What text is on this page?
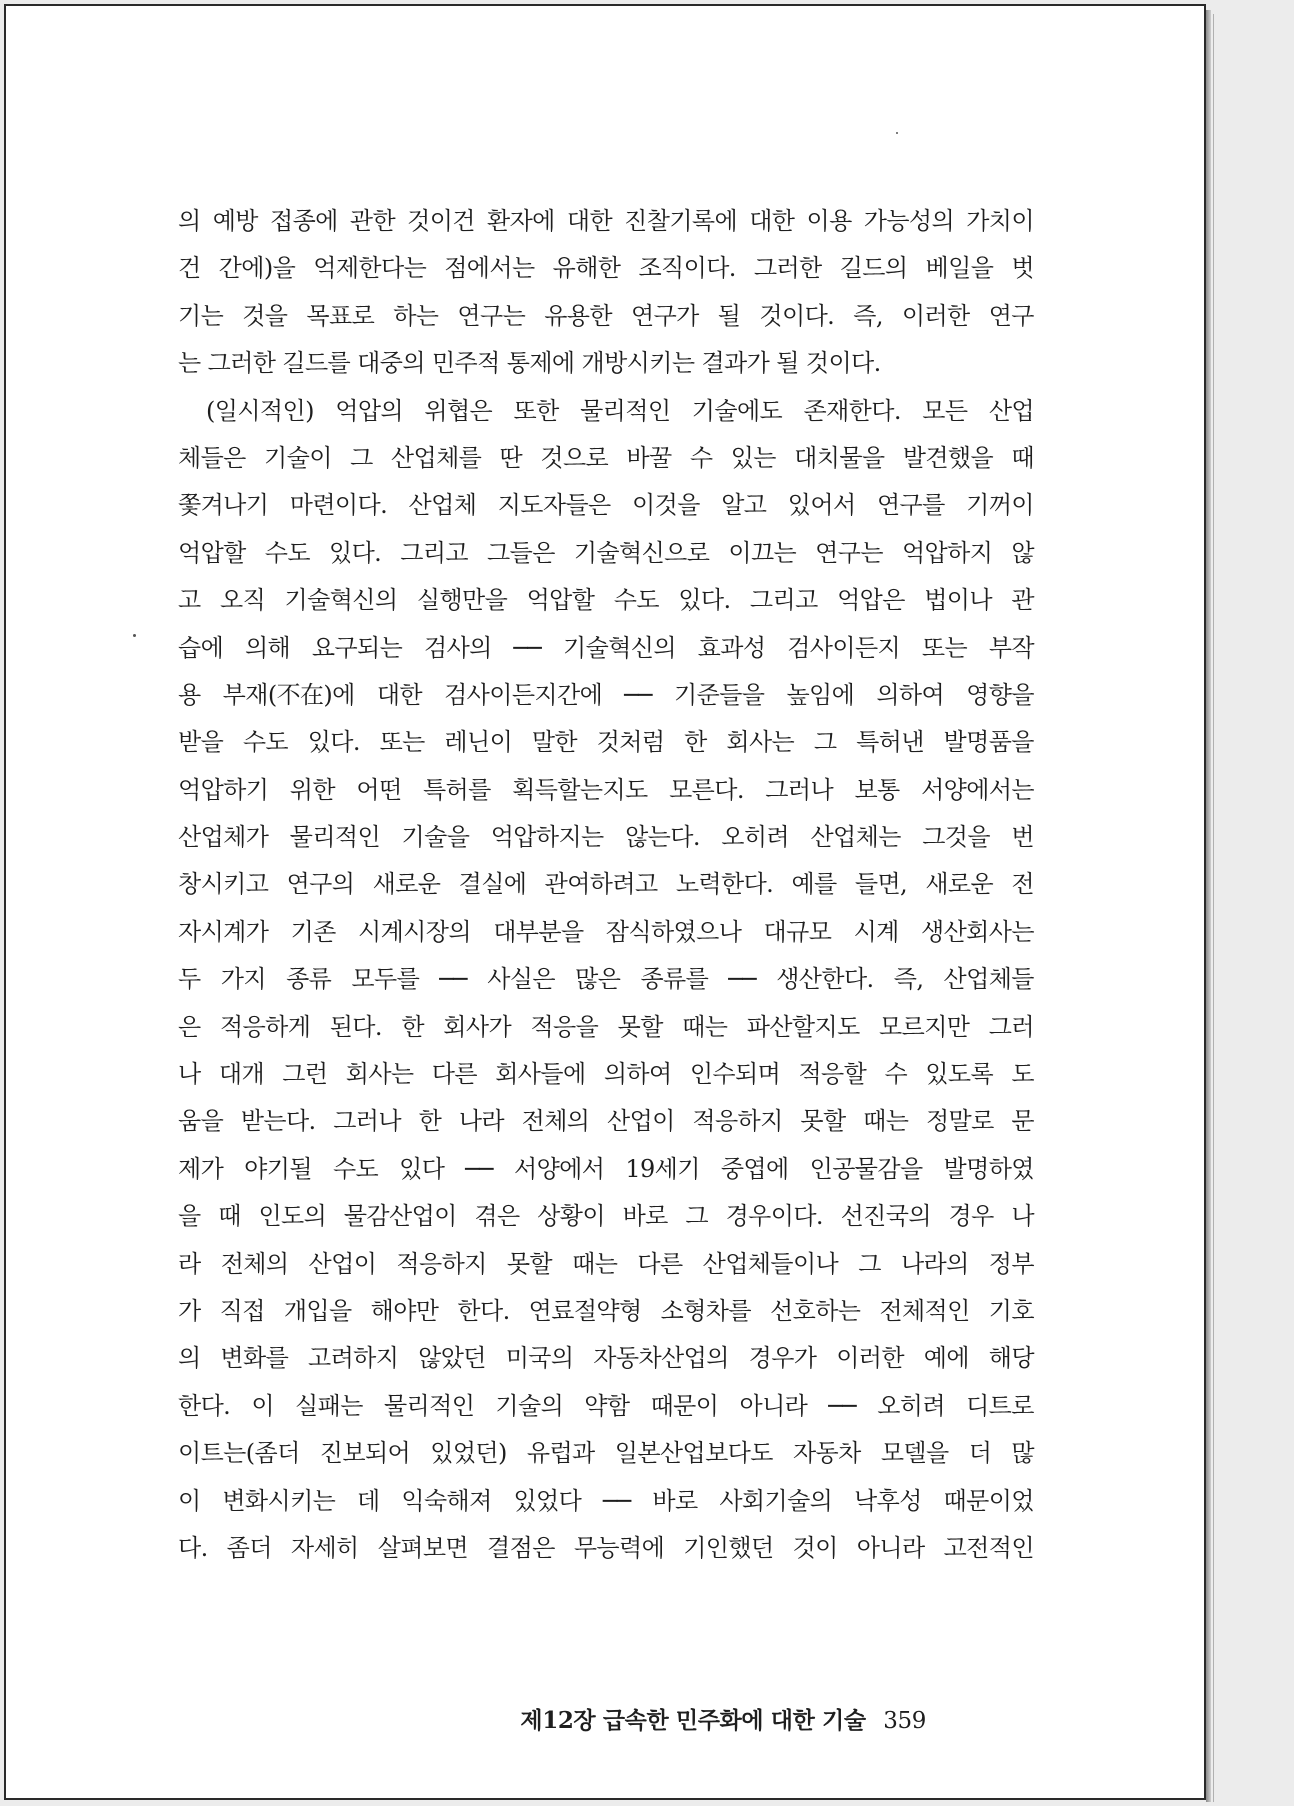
의 예방 접종에 관한 것이건 환자에 대한 진찰기록에 대한 이용 가능성의 가치이
건 간에)을 억제한다는 점에서는 유해한 조직이다. 그러한 길드의 베일을 벗
기는 것을 목표로 하는 연구는 유용한 연구가 될 것이다. 즉, 이러한 연구
는 그러한 길드를 대중의 민주적 통제에 개방시키는 결과가 될 것이다.
(일시적인) 억압의 위협은 또한 물리적인 기술에도 존재한다. 모든 산업
체들은 기술이 그 산업체를 딴 것으로 바꿀 수 있는 대치물을 발견했을 때
쫓겨나기 마련이다. 산업체 지도자들은 이것을 알고 있어서 연구를 기꺼이
억압할 수도 있다. 그리고 그들은 기술혁신으로 이끄는 연구는 억압하지 않
고 오직 기술혁신의 실행만을 억압할 수도 있다. 그리고 억압은 법이나 관
습에 의해 요구되는 검사의 ── 기술혁신의 효과성 검사이든지 또는 부작
용 부재(不在)에 대한 검사이든지간에 ── 기준들을 높임에 의하여 영향을
받을 수도 있다. 또는 레닌이 말한 것처럼 한 회사는 그 특허낸 발명품을
억압하기 위한 어떤 특허를 획득할는지도 모른다. 그러나 보통 서양에서는
산업체가 물리적인 기술을 억압하지는 않는다. 오히려 산업체는 그것을 번
창시키고 연구의 새로운 결실에 관여하려고 노력한다. 예를 들면, 새로운 전
자시계가 기존 시계시장의 대부분을 잠식하였으나 대규모 시계 생산회사는
두 가지 종류 모두를 ── 사실은 많은 종류를 ── 생산한다. 즉, 산업체들
은 적응하게 된다. 한 회사가 적응을 못할 때는 파산할지도 모르지만 그러
나 대개 그런 회사는 다른 회사들에 의하여 인수되며 적응할 수 있도록 도
움을 받는다. 그러나 한 나라 전체의 산업이 적응하지 못할 때는 정말로 문
제가 야기될 수도 있다 ── 서양에서 19세기 중엽에 인공물감을 발명하였
을 때 인도의 물감산업이 겪은 상황이 바로 그 경우이다. 선진국의 경우 나
라 전체의 산업이 적응하지 못할 때는 다른 산업체들이나 그 나라의 정부
가 직접 개입을 해야만 한다. 연료절약형 소형차를 선호하는 전체적인 기호
의 변화를 고려하지 않았던 미국의 자동차산업의 경우가 이러한 예에 해당
한다. 이 실패는 물리적인 기술의 약함 때문이 아니라 ── 오히려 디트로
이트는(좀더 진보되어 있었던) 유럽과 일본산업보다도 자동차 모델을 더 많
이 변화시키는 데 익숙해져 있었다 ── 바로 사회기술의 낙후성 때문이었
다. 좀더 자세히 살펴보면 결점은 무능력에 기인했던 것이 아니라 고전적인
제12장 급속한 민주화에 대한 기술 359
